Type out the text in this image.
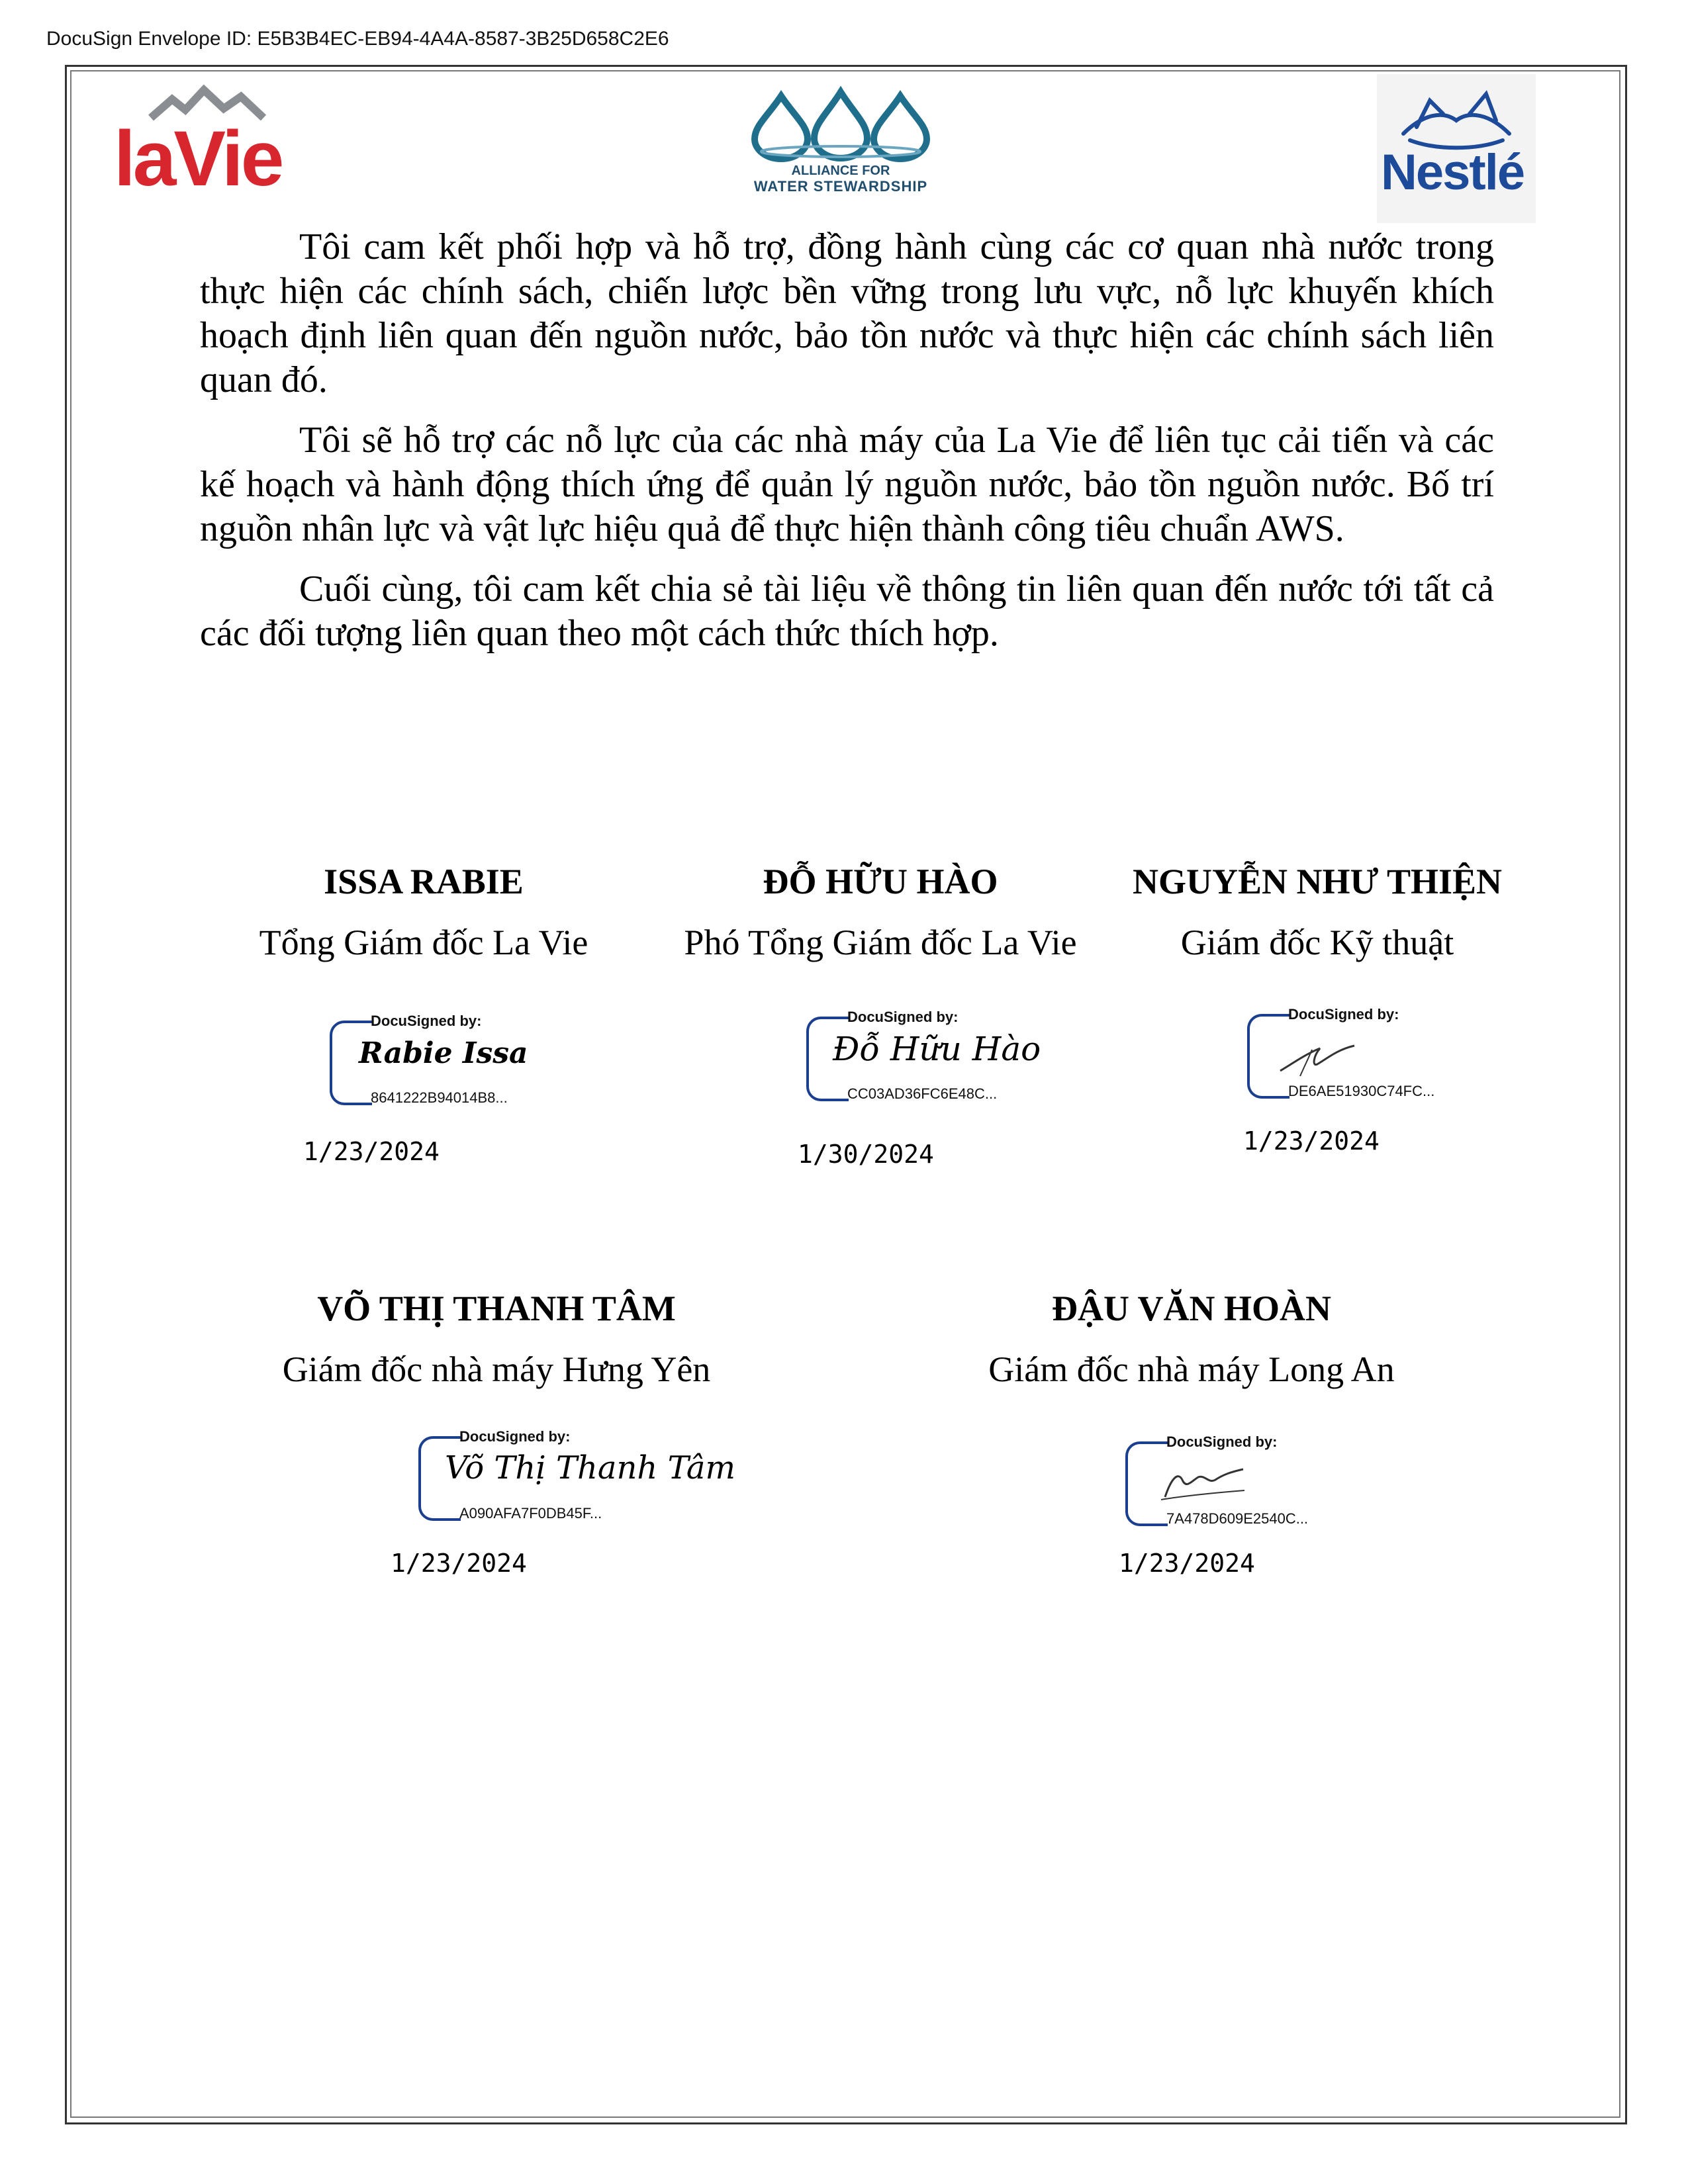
DocuSign Envelope ID: E5B3B4EC-EB94-4A4A-8587-3B25D658C2E6
laVie	ALLIANCE FOR
WATER STEWARDSHIP	Nestlé

Tôi cam kết phối hợp và hỗ trợ, đồng hành cùng các cơ quan nhà nước trong thực hiện các chính sách, chiến lược bền vững trong lưu vực, nỗ lực khuyến khích hoạch định liên quan đến nguồn nước, bảo tồn nước và thực hiện các chính sách liên quan đó.

Tôi sẽ hỗ trợ các nỗ lực của các nhà máy của La Vie để liên tục cải tiến và các kế hoạch và hành động thích ứng để quản lý nguồn nước, bảo tồn nguồn nước. Bố trí nguồn nhân lực và vật lực hiệu quả để thực hiện thành công tiêu chuẩn AWS.

Cuối cùng, tôi cam kết chia sẻ tài liệu về thông tin liên quan đến nước tới tất cả các đối tượng liên quan theo một cách thức thích hợp.

ISSA RABIE
Tổng Giám đốc La Vie
DocuSigned by:
Rabie Issa
8641222B94014B8...
1/23/2024
ĐỖ HỮU HÀO
Phó Tổng Giám đốc La Vie
DocuSigned by:
Đỗ Hữu Hào
CC03AD36FC6E48C...
1/30/2024
NGUYỄN NHƯ THIỆN
Giám đốc Kỹ thuật
DocuSigned by:
DE6AE51930C74FC...
1/23/2024
VÕ THỊ THANH TÂM
Giám đốc nhà máy Hưng Yên
DocuSigned by:
Võ Thị Thanh Tâm
A090AFA7F0DB45F...
1/23/2024
ĐẬU VĂN HOÀN
Giám đốc nhà máy Long An
DocuSigned by:
7A478D609E2540C...
1/23/2024
